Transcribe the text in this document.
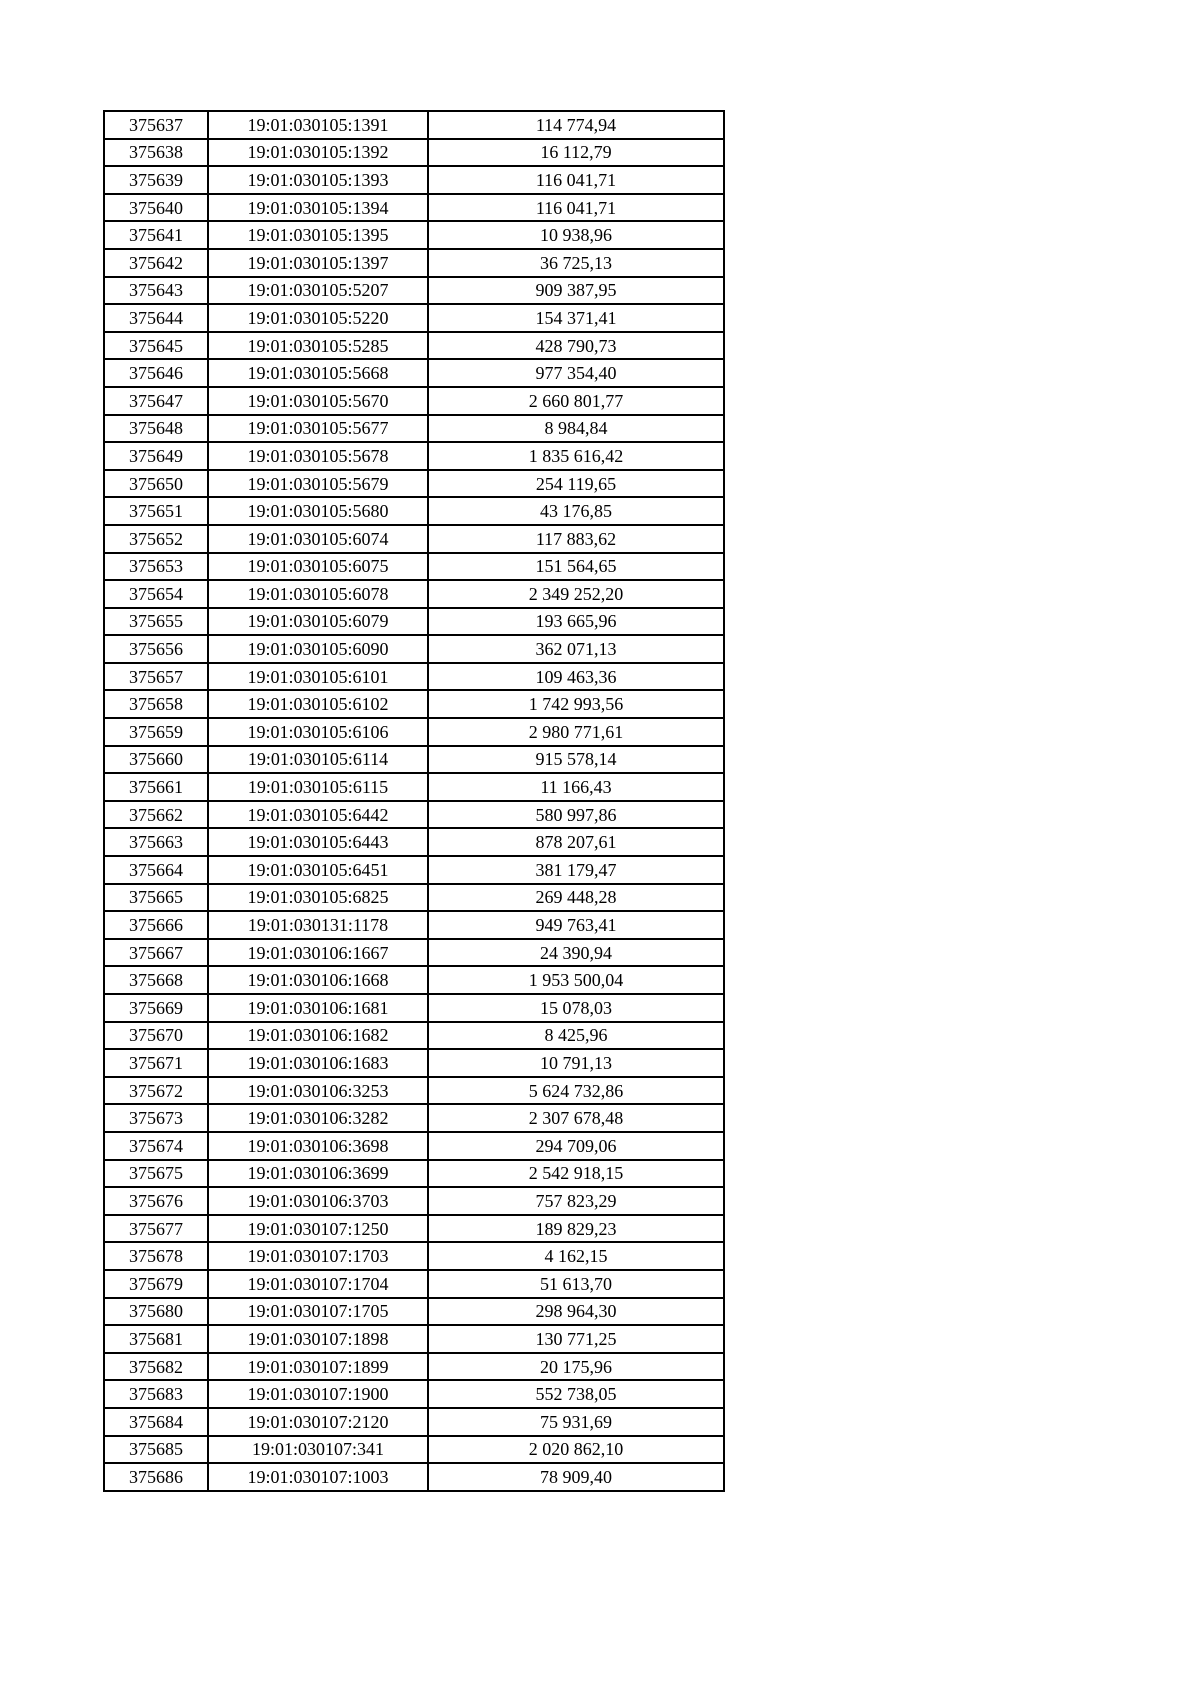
375637	19:01:030105:1391	114 774,94
375638	19:01:030105:1392	16 112,79
375639	19:01:030105:1393	116 041,71
375640	19:01:030105:1394	116 041,71
375641	19:01:030105:1395	10 938,96
375642	19:01:030105:1397	36 725,13
375643	19:01:030105:5207	909 387,95
375644	19:01:030105:5220	154 371,41
375645	19:01:030105:5285	428 790,73
375646	19:01:030105:5668	977 354,40
375647	19:01:030105:5670	2 660 801,77
375648	19:01:030105:5677	8 984,84
375649	19:01:030105:5678	1 835 616,42
375650	19:01:030105:5679	254 119,65
375651	19:01:030105:5680	43 176,85
375652	19:01:030105:6074	117 883,62
375653	19:01:030105:6075	151 564,65
375654	19:01:030105:6078	2 349 252,20
375655	19:01:030105:6079	193 665,96
375656	19:01:030105:6090	362 071,13
375657	19:01:030105:6101	109 463,36
375658	19:01:030105:6102	1 742 993,56
375659	19:01:030105:6106	2 980 771,61
375660	19:01:030105:6114	915 578,14
375661	19:01:030105:6115	11 166,43
375662	19:01:030105:6442	580 997,86
375663	19:01:030105:6443	878 207,61
375664	19:01:030105:6451	381 179,47
375665	19:01:030105:6825	269 448,28
375666	19:01:030131:1178	949 763,41
375667	19:01:030106:1667	24 390,94
375668	19:01:030106:1668	1 953 500,04
375669	19:01:030106:1681	15 078,03
375670	19:01:030106:1682	8 425,96
375671	19:01:030106:1683	10 791,13
375672	19:01:030106:3253	5 624 732,86
375673	19:01:030106:3282	2 307 678,48
375674	19:01:030106:3698	294 709,06
375675	19:01:030106:3699	2 542 918,15
375676	19:01:030106:3703	757 823,29
375677	19:01:030107:1250	189 829,23
375678	19:01:030107:1703	4 162,15
375679	19:01:030107:1704	51 613,70
375680	19:01:030107:1705	298 964,30
375681	19:01:030107:1898	130 771,25
375682	19:01:030107:1899	20 175,96
375683	19:01:030107:1900	552 738,05
375684	19:01:030107:2120	75 931,69
375685	19:01:030107:341	2 020 862,10
375686	19:01:030107:1003	78 909,40
